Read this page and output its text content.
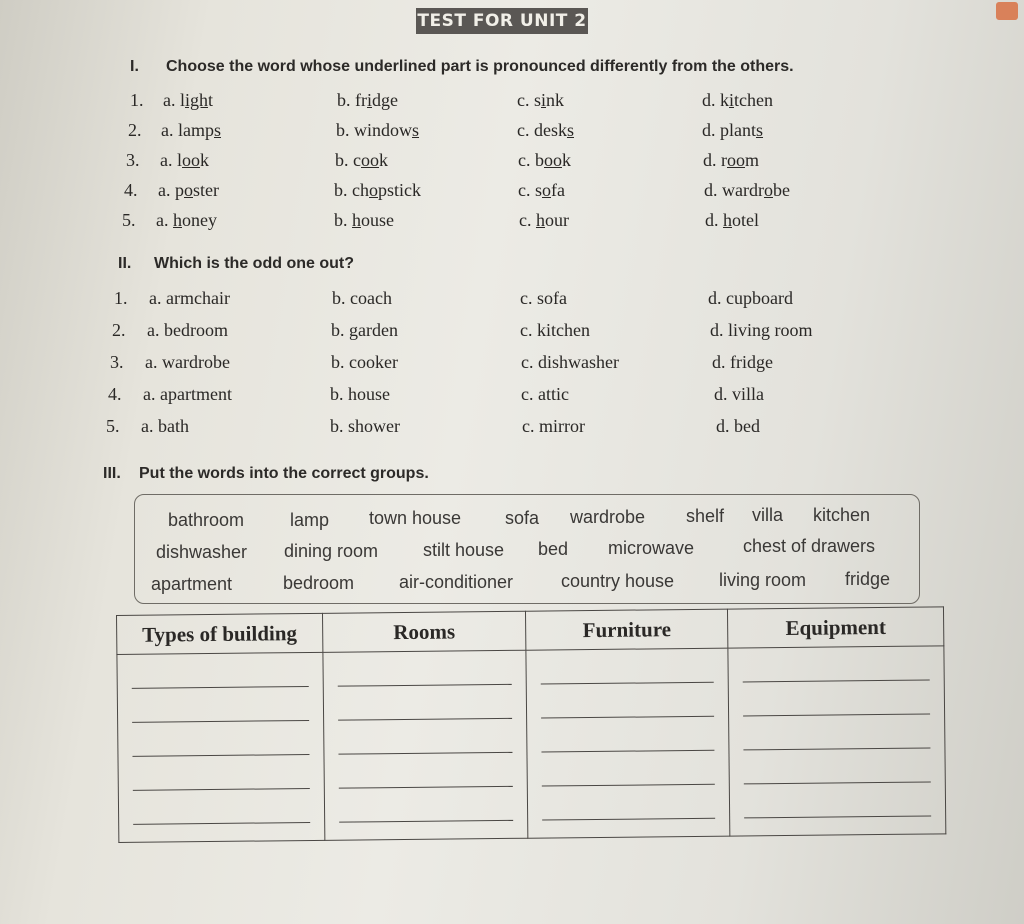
TEST FOR UNIT 2
I. Choose the word whose underlined part is pronounced differently from the others.
1. a. light	b. fridge	c. sink	d. kitchen
2. a. lamps	b. windows	c. desks	d. plants
3. a. look	b. cook	c. book	d. room
4. a. poster	b. chopstick	c. sofa	d. wardrobe
5. a. honey	b. house	c. hour	d. hotel
II. Which is the odd one out?
1. a. armchair	b. coach	c. sofa	d. cupboard
2. a. bedroom	b. garden	c. kitchen	d. living room
3. a. wardrobe	b. cooker	c. dishwasher	d. fridge
4. a. apartment	b. house	c. attic	d. villa
5. a. bath	b. shower	c. mirror	d. bed
III. Put the words into the correct groups.
bathroom	lamp town house sofa wardrobe shelf villa kitchen
dishwasher dining room stilt house bed microwave	chest of drawers
apartment	bedroom air-conditioner	country house living room fridge
Types of building	Rooms	Furniture	Equipment
